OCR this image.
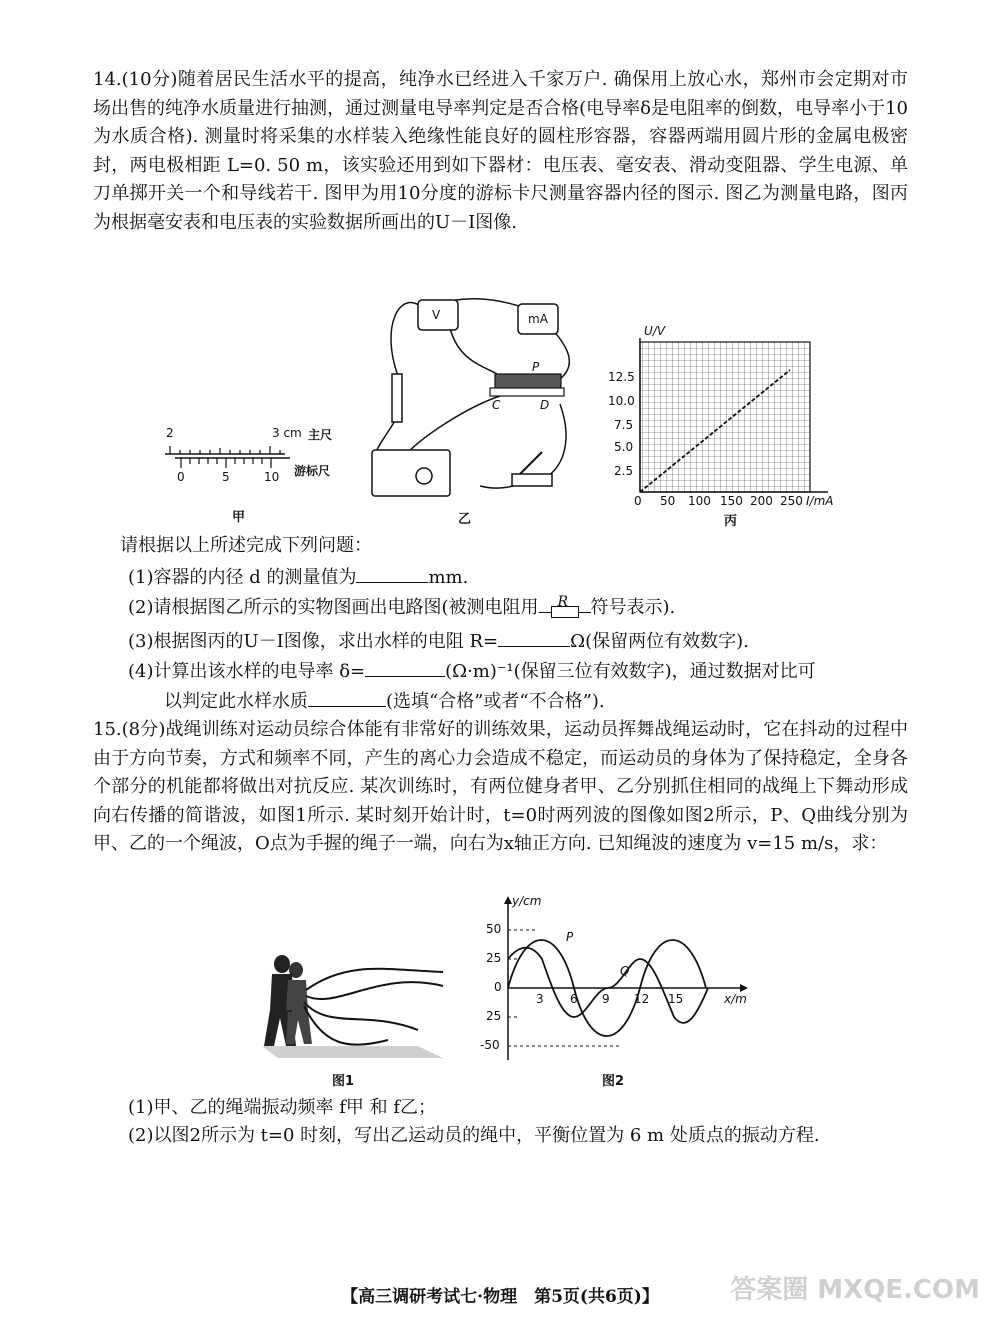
14.(10分)随着居民生活水平的提高，纯净水已经进入千家万户. 确保用上放心水，郑州市会定期对市场出售的纯净水质量进行抽测，通过测量电导率判定是否合格(电导率δ是电阻率的倒数，电导率小于10为水质合格). 测量时将采集的水样装入绝缘性能良好的圆柱形容器，容器两端用圆片形的金属电极密封，两电极相距 L=0. 50 m，该实验还用到如下器材：电压表、毫安表、滑动变阻器、学生电源、单刀单掷开关一个和导线若干. 图甲为用10分度的游标卡尺测量容器内径的图示. 图乙为测量电路，图丙为根据毫安表和电压表的实验数据所画出的U－I图像.
2	3 cm 主尺
0	5	10 游标尺
甲
V	mA
P
C	D
乙
U/V
12.5
10.0
7.5
5.0
2.5
0 50 100 150 200 250 I/mA
丙
请根据以上所述完成下列问题：
(1)容器的内径 d 的测量值为	mm.
(2)请根据图乙所示的实物图画出电路图(被测电阻用 R 符号表示).
(3)根据图丙的U－I图像，求出水样的电阻 R=	Ω(保留两位有效数字).
(4)计算出该水样的电导率 δ=	(Ω·m)⁻¹(保留三位有效数字)，通过数据对比可
以判定此水样水质	(选填“合格”或者“不合格”).
15.(8分)战绳训练对运动员综合体能有非常好的训练效果，运动员挥舞战绳运动时，它在抖动的过程中由于方向节奏，方式和频率不同，产生的离心力会造成不稳定，而运动员的身体为了保持稳定，全身各个部分的机能都将做出对抗反应. 某次训练时，有两位健身者甲、乙分别抓住相同的战绳上下舞动形成向右传播的简谐波，如图1所示. 某时刻开始计时，t=0时两列波的图像如图2所示，P、Q曲线分别为甲、乙的一个绳波，O点为手握的绳子一端，向右为x轴正方向. 已知绳波的速度为 v=15 m/s，求：
图1
y/cm
50
25
0
25
-50
3 6 9 12 15	x/m
P
Q
图2
(1)甲、乙的绳端振动频率 f甲 和 f乙；
(2)以图2所示为 t=0 时刻，写出乙运动员的绳中，平衡位置为 6 m 处质点的振动方程.
【高三调研考试七·物理　第5页(共6页)】	答案圈 MXQE.COM
